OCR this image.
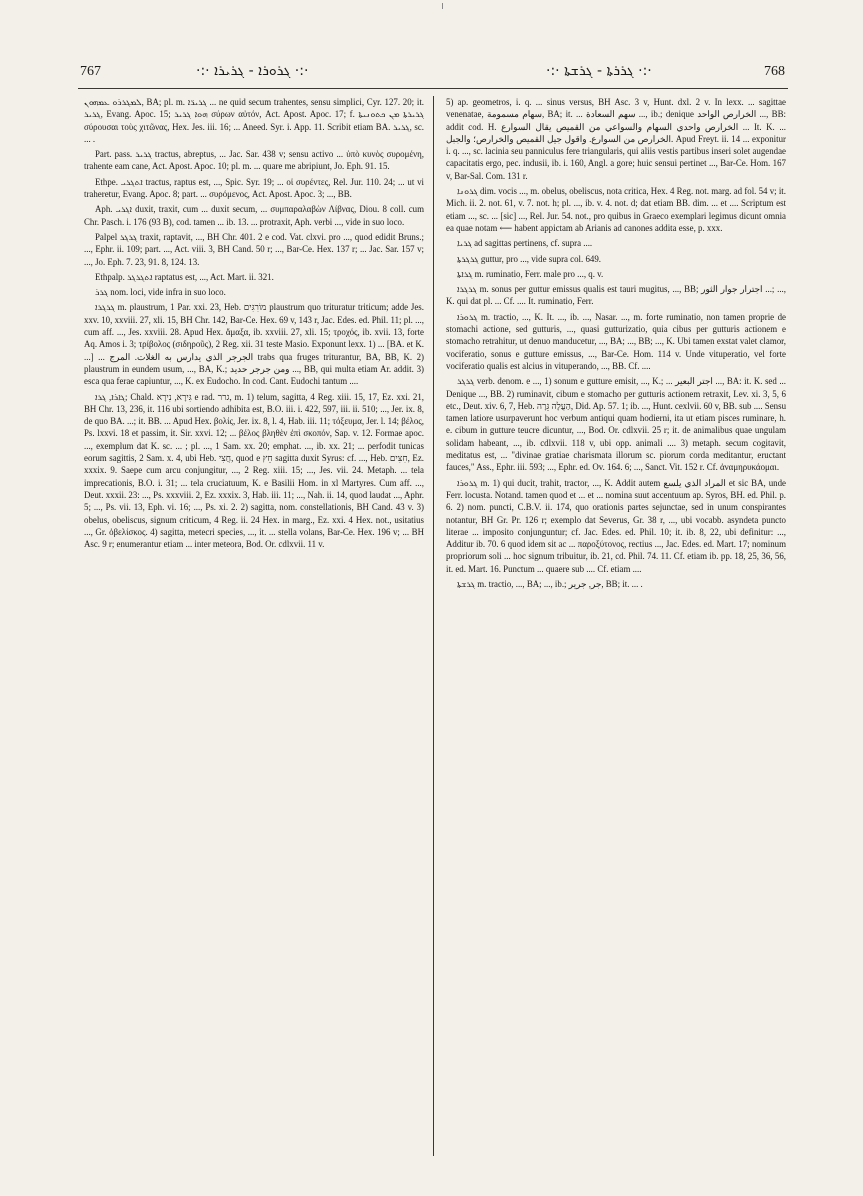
767	·:· ܓܪܘܪܐ - ܓܪܝܪܐ ·:·	·:· ܓܪܪܬܐ - ܓܪܫܬܐ ·:·	768

ܠܡܓܪܪܘ ܥܡܗܘܢ, BA; pl. m. ܓܪܝܪ̈ܐ ... ne quid secum trahentes, sensu simplici, Cyr. 127. 20; it. ܓܪܝܪ, Evang. Apoc. 15; ܗܘܐ ܓܪܝܪ σύρων αὐτόν, Act. Apost. Apoc. 17; f. ܓܪܝܪܬܐ ܡܢ ܟܬܘܢܝܬܐ σύρουσαι τοὺς χιτῶνας, Hex. Jes. iii. 16; ... Aneed. Syr. i. App. 11. Scribit etiam BA. ܓܪܝܪ, sc. ... .

Part. pass. ܓܪܝܪ tractus, abreptus, ... Jac. Sar. 438 v; sensu activo ... ὑπὸ κυνὸς συρομένη, trahente eam cane, Act. Apost. Apoc. 10; pl. m. ... quare me abripiunt, Jo. Eph. 91. 15.

Ethpe. ܐܬܓܪܝ tractus, raptus est, ..., Spic. Syr. 19; ... οἱ συρέντες, Rel. Jur. 110. 24; ... ut vi traheretur, Evang. Apoc. 8; part. ... συρόμενος, Act. Apost. Apoc. 3; ..., BB.

Aph. ܐܓܪܝ duxit, traxit, cum ... duxit secum, ... συμπαραλαβὼν Λίβνας, Diou. 8 coll. cum Chr. Pasch. i. 176 (93 B), cod. tamen ... ib. 13. ... protraxit, Aph. verbi ..., vide in suo loco.

Palpel ܓܪܓܪ traxit, raptavit, ..., BH Chr. 401. 2 e cod. Vat. clxvi. pro ..., quod edidit Bruns.; ..., Ephr. ii. 109; part. ..., Act. viii. 3, BH Cand. 50 r; ..., Bar-Ce. Hex. 137 r; ... Jac. Sar. 157 v; ..., Jo. Eph. 7. 23, 91. 8, 124. 13.

Ethpalp. ܐܬܓܪܓܪ raptatus est, ..., Act. Mart. ii. 321.

ܓܪܪ nom. loci, vide infra in suo loco.

ܓܪܓܪܐ m. plaustrum, 1 Par. xxi. 23, Heb. מוֹרִגִּים plaustrum quo trituratur triticum; adde Jes. xxv. 10, xxviii. 27, xli. 15, BH Chr. 142, Bar-Ce. Hex. 69 v, 143 r, Jac. Edes. ed. Phil. 11; pl. ..., cum aff. ..., Jes. xxviii. 28. Apud Hex. ἅμαξα, ib. xxviii. 27, xli. 15; τροχός, ib. xvii. 13, forte Aq. Amos i. 3; τρίβολος (σιδηροῦς), 2 Reg. xii. 31 teste Masio. Exponunt lexx. 1) ... [BA. et K. ...] ... الجرجر الذي يدارس به الغلات. المرج trabs qua fruges triturantur, BA, BB, K. 2) plaustrum in eundem usum, ..., BA, K.; ومن جرجر حديد ..., BB, qui multa etiam Ar. addit. 3) esca qua ferae capiuntur, ..., K. ex Eudocho. In cod. Cant. Eudochi tantum ....

ܓܐܪܐ, ܓܪܐ; Chald. גִּירָא, נִירָא e rad. גרר, m. 1) telum, sagitta, 4 Reg. xiii. 15, 17, Ez. xxi. 21, BH Chr. 13, 236, it. 116 ubi sortiendo adhibita est, B.O. iii. i. 422, 597, iii. ii. 510; ..., Jer. ix. 8, de quo BA. ...; it. BB. ... Apud Hex. βολίς, Jer. ix. 8, l. 4, Hab. iii. 11; τόξευμα, Jer. l. 14; βέλος, Ps. lxxvi. 18 et passim, it. Sir. xxvi. 12; ... βέλος βληθὲν ἐπὶ σκοπόν, Sap. v. 12. Formae apoc. ..., exemplum dat K. sc. ... ; pl. ..., 1 Sam. xx. 20; emphat. ..., ib. xx. 21; ... perfodit tunicas eorum sagittis, 2 Sam. x. 4, ubi Heb. חֲצִי, quod e חֵץ sagitta duxit Syrus: cf. ..., Heb. חִצִּים, Ez. xxxix. 9. Saepe cum arcu conjungitur, ..., 2 Reg. xiii. 15; ..., Jes. vii. 24. Metaph. ... tela imprecationis, B.O. i. 31; ... tela cruciatuum, K. e Basilii Hom. in xl Martyres. Cum aff. ..., Deut. xxxii. 23: ..., Ps. xxxviii. 2, Ez. xxxix. 3, Hab. iii. 11; ..., Nah. ii. 14, quod laudat ..., Aphr. 5; ..., Ps. vii. 13, Eph. vi. 16; ..., Ps. xi. 2. 2) sagitta, nom. constellationis, BH Cand. 43 v. 3) obelus, obeliscus, signum criticum, 4 Reg. ii. 24 Hex. in marg., Ez. xxi. 4 Hex. not., usitatius ..., Gr. ὀβελίσκος. 4) sagitta, metecri species, ..., it. ... stella volans, Bar-Ce. Hex. 196 v; ... BH Asc. 9 r; enumerantur etiam ... inter meteora, Bod. Or. cdlxvii. 11 v.

5) ap. geometros, i. q. ... sinus versus, BH Asc. 3 v, Hunt. dxl. 2 v. In lexx. ... sagittae venenatae, سهام مسمومة, BA; it. ... سهم السعادة ..., ib.; denique الخرارص الواحد ..., BB: addit cod. H. الخرارص واحدي السهام والسواعي من القميص يقال السوارع ... It. K. ... الخرارص من السوارع. واقول جيل القميص والخرارص؛ والجبل. Apud Freyt. ii. 14 ... exponitur i. q. ..., sc. lacinia seu panniculus fere triangularis, qui aliis vestis partibus inseri solet augendae capacitatis ergo, pec. indusii, ib. i. 160, Angl. a gore; huic sensui pertinet ..., Bar-Ce. Hom. 167 v, Bar-Sal. Com. 131 r.

ܓܪܘܢܐ dim. vocis ..., m. obelus, obeliscus, nota critica, Hex. 4 Reg. not. marg. ad fol. 54 v; it. Mich. ii. 2. not. 61, v. 7. not. h; pl. ..., ib. v. 4. not. d; dat etiam BB. dim. ... et .... Scriptum est etiam ..., sc. ... [sic] ..., Rel. Jur. 54. not., pro quibus in Graeco exemplari legimus dicunt omnia ea quae notam ⟵ habent appictam ab Arianis ad canones addita esse, p. xxx.

ܓܪܝܐ ad sagittas pertinens, cf. supra ....

ܓܪܓܪܬܐ guttur, pro ..., vide supra col. 649.

ܓܪܐܬܐ m. ruminatio, Ferr. male pro ..., q. v.

ܓܪܓܪܐ m. sonus per guttur emissus qualis est tauri mugitus, ..., BB; اجترار جوار الثور ...; ..., K. qui dat pl. ... Cf. .... It. ruminatio, Ferr.

ܓܪܘܪܐ m. tractio, ..., K. It. ..., ib. ..., Nasar. ..., m. forte ruminatio, non tamen proprie de stomachi actione, sed gutturis, ..., quasi gutturizatio, quia cibus per gutturis actionem e stomacho retrahitur, ut denuo manducetur, ..., BA; ..., BB; ..., K. Ubi tamen exstat valet clamor, vociferatio, sonus e gutture emissus, ..., Bar-Ce. Hom. 114 v. Unde vituperatio, vel forte vociferatio qualis est alcius in vituperando, ..., BB. Cf. ....

ܓܪܓܪ verb. denom. e ..., 1) sonum e gutture emisit, ..., K.; ... اجتر البعير ..., BA: it. K. sed ... Denique ..., BB. 2) ruminavit, cibum e stomacho per gutturis actionem retraxit, Lev. xi. 3, 5, 6 etc., Deut. xiv. 6, 7, Heb. הַעֲלָה גֵּרָה, Did. Ap. 57. 1; ib. ..., Hunt. cexlvii. 60 v, BB. sub .... Sensu tamen latiore usurpaverunt hoc verbum antiqui quam hodierni, ita ut etiam pisces ruminare, h. e. cibum in gutture teucre dicuntur, ..., Bod. Or. cdlxvii. 25 r; it. de animalibus quae ungulam solidam habeant, ..., ib. cdlxvii. 118 v, ubi opp. animali .... 3) metaph. secum cogitavit, meditatus est, ... "divinae gratiae charismata illorum sc. piorum corda meditantur, eructant fauces," Ass., Ephr. iii. 593; ..., Ephr. ed. Ov. 164. 6; ..., Sanct. Vit. 152 r. Cf. ἀναμηρυκάομαι.

ܓܪܘܪܐ m. 1) qui ducit, trahit, tractor, ..., K. Addit autem المراد الذي يلسع et sic BA, unde Ferr. locusta. Notand. tamen quod et ... et ... nomina suut accentuum ap. Syros, BH. ed. Phil. p. 6. 2) nom. puncti, C.B.V. ii. 174, quo orationis partes sejunctae, sed in unum conspirantes notantur, BH Gr. Pr. 126 r; exemplo dat Severus, Gr. 38 r, ..., ubi vocabb. asyndeta puncto literae ... imposito conjunguntur; cf. Jac. Edes. ed. Phil. 10; it. ib. 8, 22, ubi definitur: ..., Additur ib. 70. 6 quod idem sit ac ... παροξύτονος, rectius ..., Jac. Edes. ed. Mart. 17; nominum propriorum soli ... hoc signum tribuitur, ib. 21, cd. Phil. 74. 11. Cf. etiam ib. pp. 18, 25, 36, 56, it. ed. Mart. 16. Punctum ... quaere sub .... Cf. etiam ....

ܓܪܫܬܐ m. tractio, ..., BA; ..., ib.; جر, جرير, BB; it. ... .
